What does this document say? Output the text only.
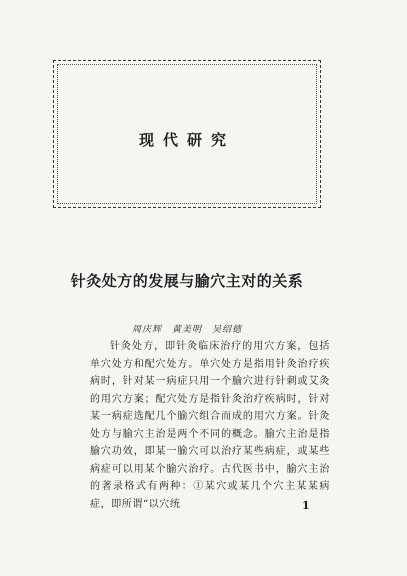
现代研究
针灸处方的发展与腧穴主对的关系
周庆辉　黄美明　吴绍德

针灸处方，即针灸临床治疗的用穴方案，包括单穴处方和配穴处方。单穴处方是指用针灸治疗疾病时，针对某一病症只用一个腧穴进行针刺或艾灸的用穴方案；配穴处方是指针灸治疗疾病时，针对某一病症选配几个腧穴组合而成的用穴方案。针灸处方与腧穴主治是两个不同的概念。腧穴主治是指腧穴功效，即某一腧穴可以治疗某些病症，或某些病症可以用某个腧穴治疗。古代医书中，腧穴主治的著录格式有两种：①某穴或某几个穴主某某病症，即所谓“以穴统	1
